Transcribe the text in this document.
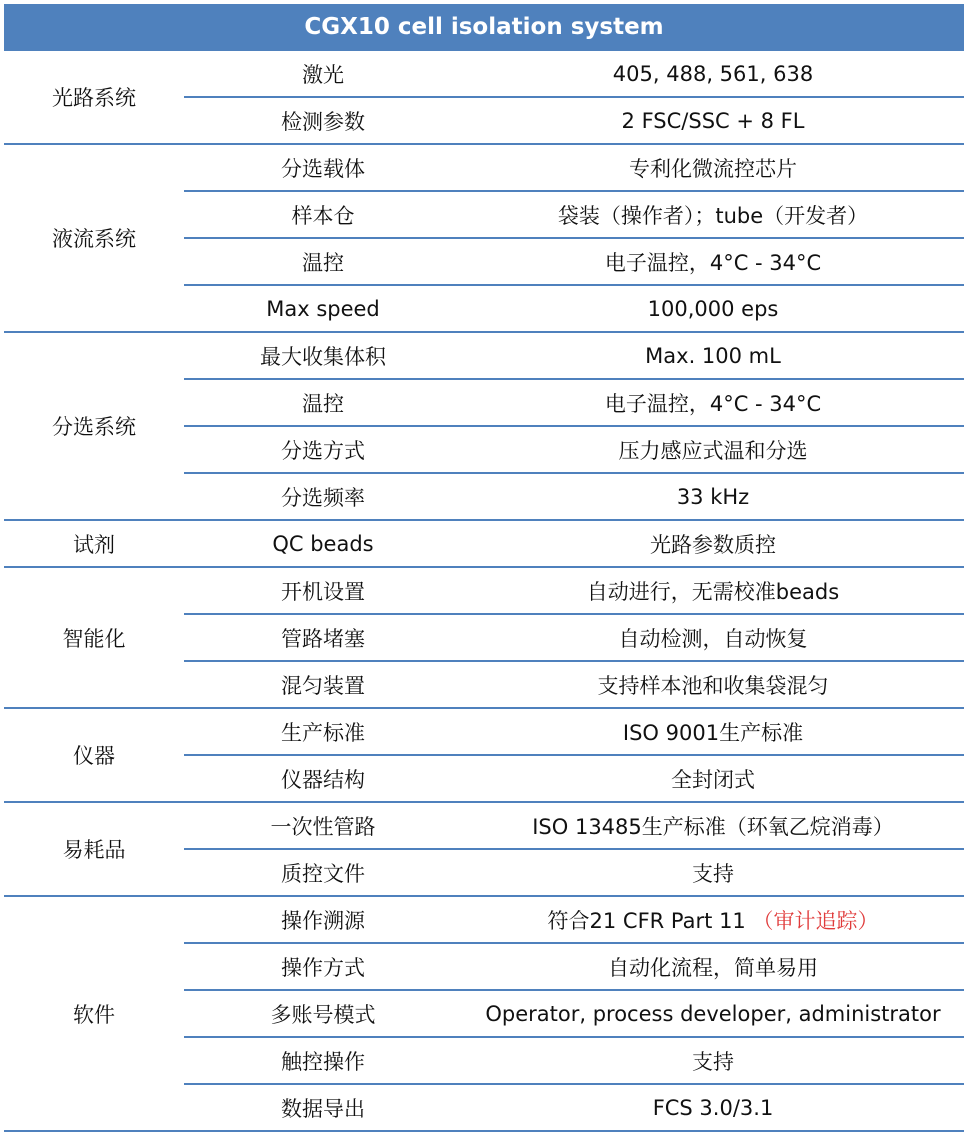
CGX10 cell isolation system		
光路系统	激光	405, 488, 561, 638
	检测参数	2 FSC/SSC + 8 FL
液流系统	分选载体	专利化微流控芯片
	样本仓	袋装（操作者）；tube（开发者）
	温控	电子温控，4°C - 34°C
	Max speed	100,000 eps
分选系统	最大收集体积	Max. 100 mL
	温控	电子温控，4°C - 34°C
	分选方式	压力感应式温和分选
	分选频率	33 kHz
试剂	QC beads	光路参数质控
智能化	开机设置	自动进行，无需校准beads
	管路堵塞	自动检测，自动恢复
	混匀装置	支持样本池和收集袋混匀
仪器	生产标准	ISO 9001生产标准
	仪器结构	全封闭式
易耗品	一次性管路	ISO 13485生产标准（环氧乙烷消毒）
	质控文件	支持
软件	操作溯源	符合21 CFR Part 11 （审计追踪）
	操作方式	自动化流程，简单易用
	多账号模式	Operator, process developer, administrator
	触控操作	支持
	数据导出	FCS 3.0/3.1
